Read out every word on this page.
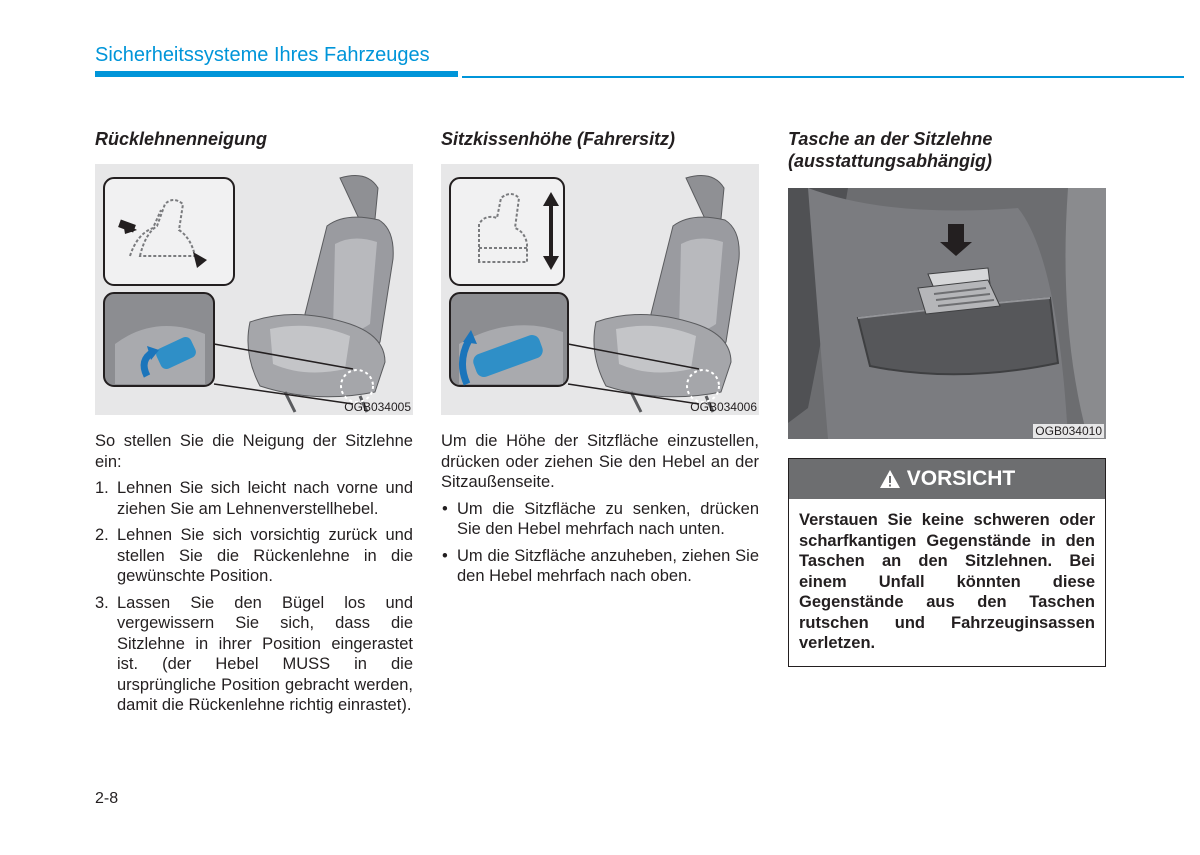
Sicherheitssysteme Ihres Fahrzeuges
Rücklehnenneigung
OGB034005

So stellen Sie die Neigung der Sitzlehne ein:

1. Lehnen Sie sich leicht nach vorne und ziehen Sie am Lehnenverstellhebel.
2. Lehnen Sie sich vorsichtig zurück und stellen Sie die Rückenlehne in die gewünschte Position.
3. Lassen Sie den Bügel los und vergewissern Sie sich, dass die Sitzlehne in ihrer Position eingerastet ist. (der Hebel MUSS in die ursprüngliche Position gebracht werden, damit die Rückenlehne richtig einrastet).
Sitzkissenhöhe (Fahrersitz)
OGB034006

Um die Höhe der Sitzfläche einzustellen, drücken oder ziehen Sie den Hebel an der Sitzaußenseite.

• Um die Sitzfläche zu senken, drücken Sie den Hebel mehrfach nach unten.
• Um die Sitzfläche anzuheben, ziehen Sie den Hebel mehrfach nach oben.
Tasche an der Sitzlehne
(ausstattungsabhängig)
OGB034010
VORSICHT
Verstauen Sie keine schweren oder scharfkantigen Gegenstände in den Taschen an den Sitzlehnen. Bei einem Unfall könnten diese Gegenstände aus den Taschen rutschen und Fahrzeuginsassen verletzen.
2-8
